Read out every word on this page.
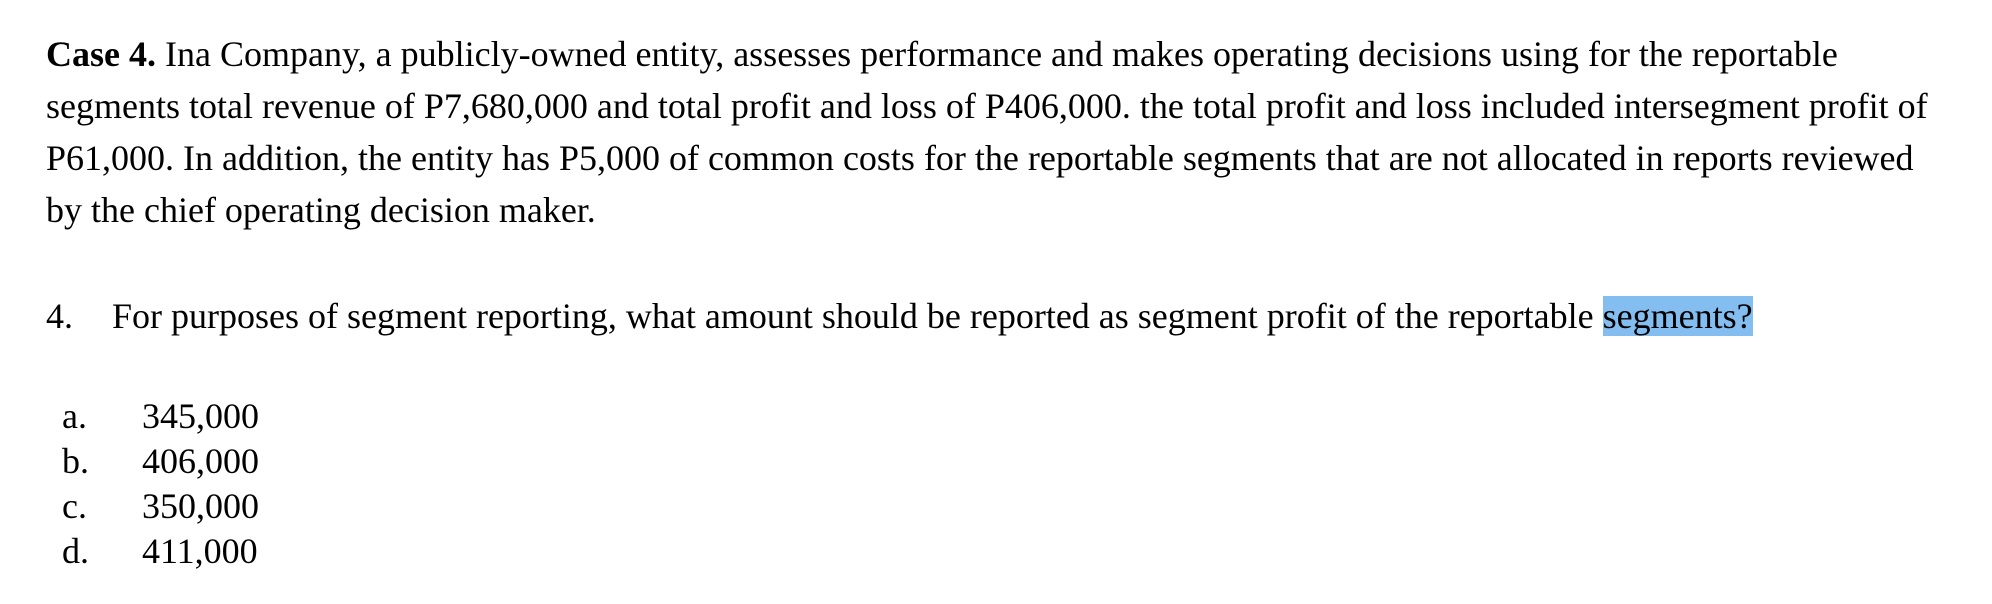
Case 4. Ina Company, a publicly-owned entity, assesses performance and makes operating decisions using for the reportable segments total revenue of P7,680,000 and total profit and loss of P406,000. the total profit and loss included intersegment profit of P61,000. In addition, the entity has P5,000 of common costs for the reportable segments that are not allocated in reports reviewed by the chief operating decision maker.

4. For purposes of segment reporting, what amount should be reported as segment profit of the reportable segments?

a. 345,000
b. 406,000
c. 350,000
d. 411,000
